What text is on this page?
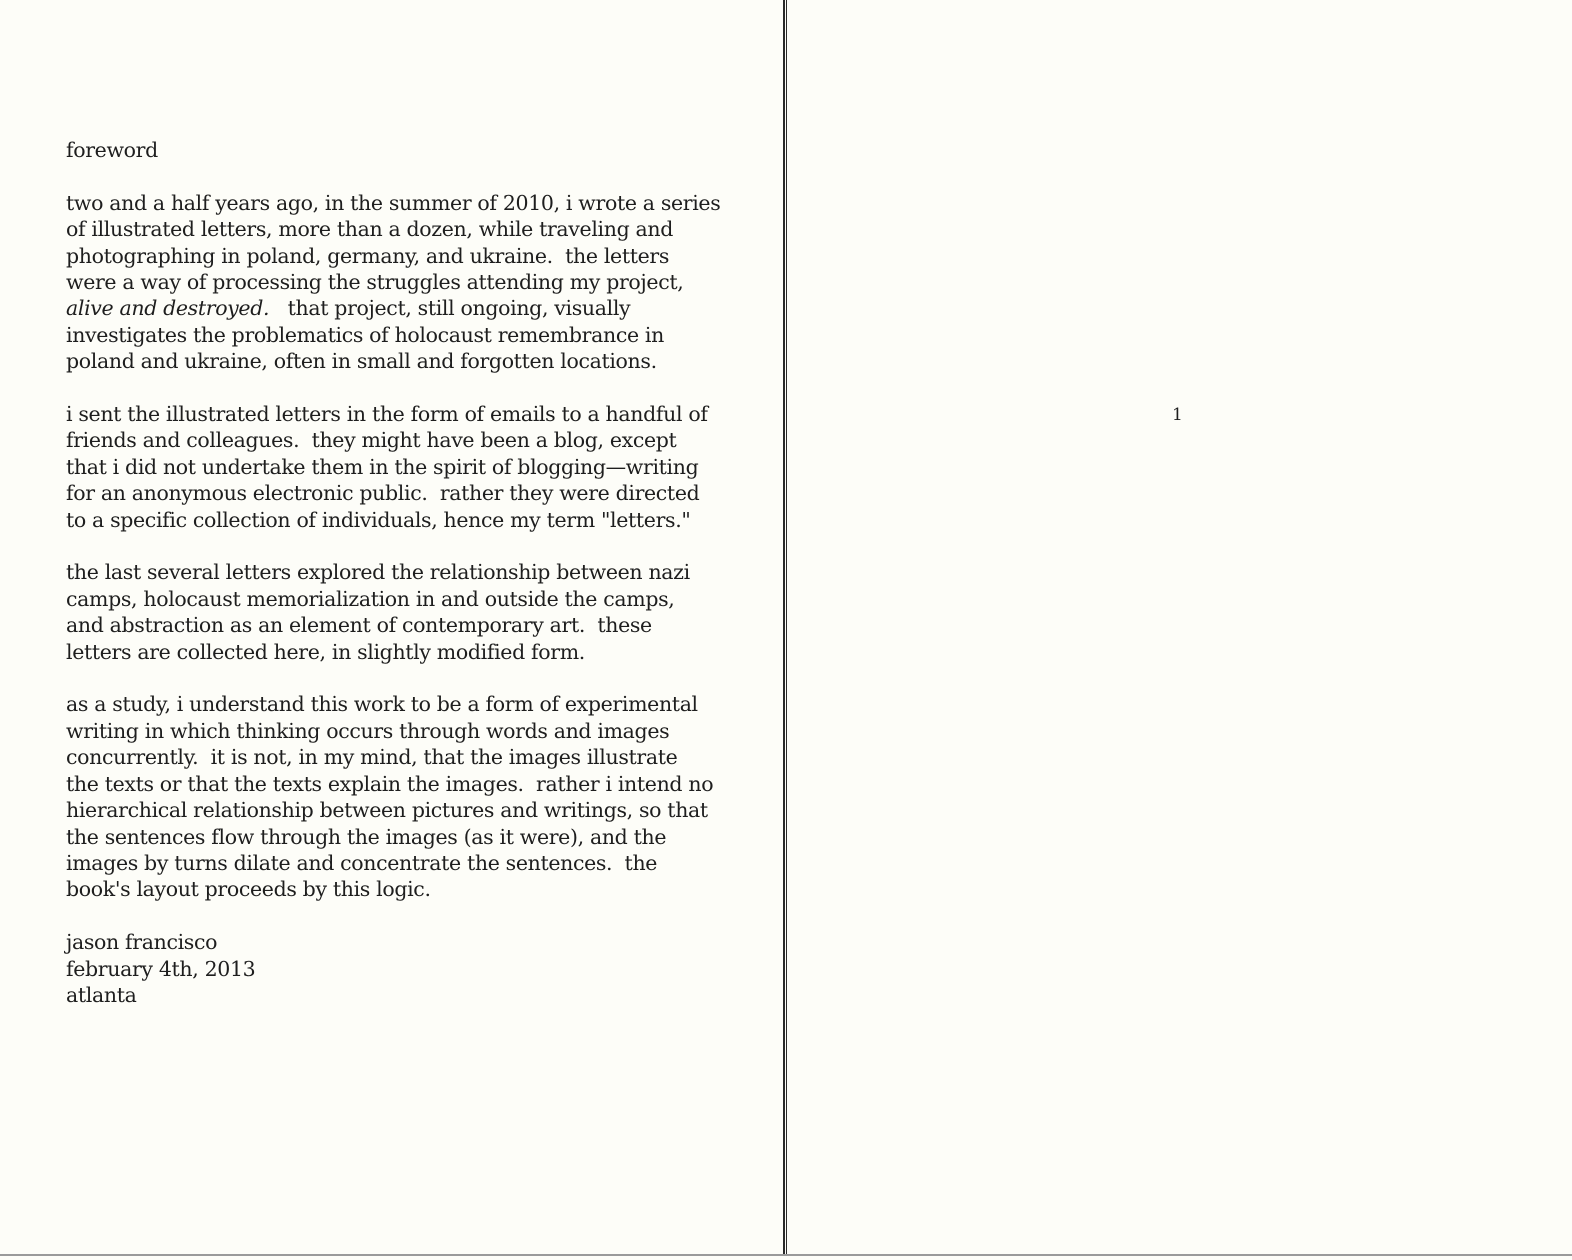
foreword

two and a half years ago, in the summer of 2010, i wrote a series
of illustrated letters, more than a dozen, while traveling and
photographing in poland, germany, and ukraine.  the letters
were a way of processing the struggles attending my project,
alive and destroyed.   that project, still ongoing, visually
investigates the problematics of holocaust remembrance in
poland and ukraine, often in small and forgotten locations.

i sent the illustrated letters in the form of emails to a handful of
friends and colleagues.  they might have been a blog, except
that i did not undertake them in the spirit of blogging—writing
for an anonymous electronic public.  rather they were directed
to a specific collection of individuals, hence my term "letters."

the last several letters explored the relationship between nazi
camps, holocaust memorialization in and outside the camps,
and abstraction as an element of contemporary art.  these
letters are collected here, in slightly modified form.

as a study, i understand this work to be a form of experimental
writing in which thinking occurs through words and images
concurrently.  it is not, in my mind, that the images illustrate
the texts or that the texts explain the images.  rather i intend no
hierarchical relationship between pictures and writings, so that
the sentences flow through the images (as it were), and the
images by turns dilate and concentrate the sentences.  the
book's layout proceeds by this logic.

jason francisco

february 4th, 2013

atlanta

1
